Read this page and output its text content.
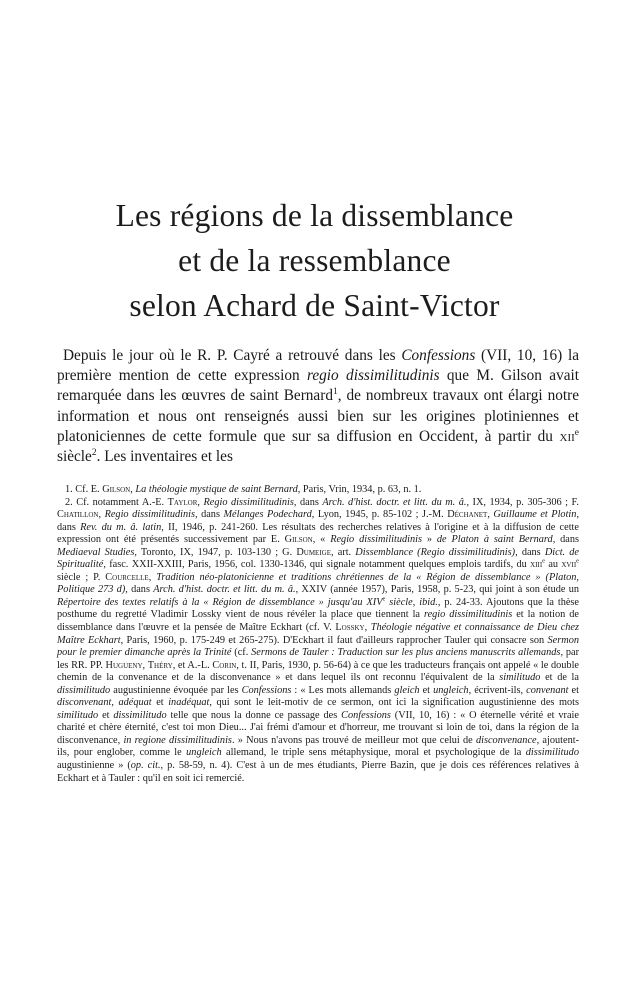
Les régions de la dissemblance
et de la ressemblance
selon Achard de Saint-Victor

Depuis le jour où le R. P. Cayré a retrouvé dans les Confessions (VII, 10, 16) la première mention de cette expression regio dissimilitudinis que M. Gilson avait remarquée dans les œuvres de saint Bernard$^1$, de nombreux travaux ont élargi notre information et nous ont renseignés aussi bien sur les origines plotiniennes et platoniciennes de cette formule que sur sa diffusion en Occident, à partir du xii$^e$ siècle$^2$. Les inventaires et les

1. Cf. E. Gilson, La théologie mystique de saint Bernard, Paris, Vrin, 1934, p. 63, n. 1.

2. Cf. notamment A.-E. Taylor, Regio dissimilitudinis, dans Arch. d'hist. doctr. et litt. du m. â., IX, 1934, p. 305-306 ; F. Chatillon, Regio dissimilitudinis, dans Mélanges Podechard, Lyon, 1945, p. 85-102 ; J.-M. Déchanet, Guillaume et Plotin, dans Rev. du m. â. latin, II, 1946, p. 241-260. Les résultats des recherches relatives à l'origine et à la diffusion de cette expression ont été présentés successivement par E. Gilson, « Regio dissimilitudinis » de Platon à saint Bernard, dans Mediaeval Studies, Toronto, IX, 1947, p. 103-130 ; G. Dumeige, art. Dissemblance (Regio dissimilitudinis), dans Dict. de Spiritualité, fasc. XXII-XXIII, Paris, 1956, col. 1330-1346, qui signale notamment quelques emplois tardifs, du xiii$^e$ au xvii$^e$ siècle ; P. Courcelle, Tradition néo-platonicienne et traditions chrétiennes de la « Région de dissemblance » (Platon, Politique 273 d), dans Arch. d'hist. doctr. et litt. du m. â., XXIV (année 1957), Paris, 1958, p. 5-23, qui joint à son étude un Répertoire des textes relatifs à la « Région de dissemblance » jusqu'au XIVe siècle, ibid., p. 24-33. Ajoutons que la thèse posthume du regretté Vladimir Lossky vient de nous révéler la place que tiennent la regio dissimilitudinis et la notion de dissemblance dans l'œuvre et la pensée de Maître Eckhart (cf. V. Lossky, Théologie négative et connaissance de Dieu chez Maître Eckhart, Paris, 1960, p. 175-249 et 265-275). D'Eckhart il faut d'ailleurs rapprocher Tauler qui consacre son Sermon pour le premier dimanche après la Trinité (cf. Sermons de Tauler : Traduction sur les plus anciens manuscrits allemands, par les RR. PP. Hugueny, Théry, et A.-L. Corin, t. II, Paris, 1930, p. 56-64) à ce que les traducteurs français ont appelé « le double chemin de la convenance et de la disconvenance » et dans lequel ils ont reconnu l'équivalent de la similitudo et de la dissimilitudo augustinienne évoquée par les Confessions : « Les mots allemands gleich et ungleich, écrivent-ils, convenant et disconvenant, adéquat et inadéquat, qui sont le leit-motiv de ce sermon, ont ici la signification augustinienne des mots similitudo et dissimilitudo telle que nous la donne ce passage des Confessions (VII, 10, 16) : « O éternelle vérité et vraie charité et chère éternité, c'est toi mon Dieu... J'ai frémi d'amour et d'horreur, me trouvant si loin de toi, dans la région de la disconvenance, in regione dissimilitudinis. » Nous n'avons pas trouvé de meilleur mot que celui de disconvenance, ajoutent-ils, pour englober, comme le ungleich allemand, le triple sens métaphysique, moral et psychologique de la dissimilitudo augustinienne » (op. cit., p. 58-59, n. 4). C'est à un de mes étudiants, Pierre Bazin, que je dois ces références relatives à Eckhart et à Tauler : qu'il en soit ici remercié.
